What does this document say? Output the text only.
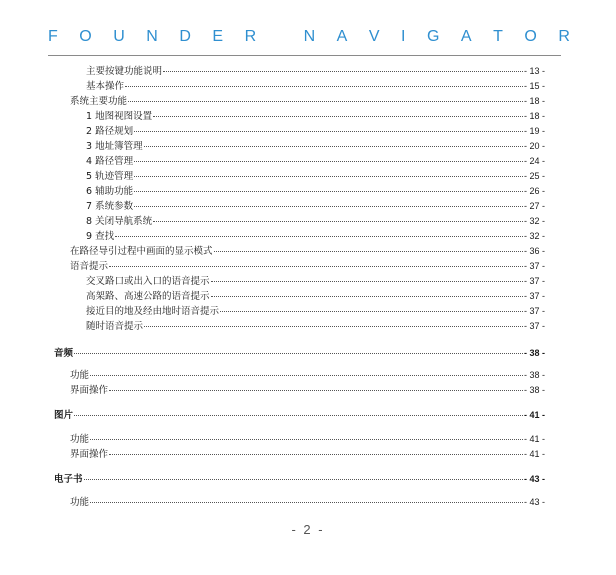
F O U N D E R
	N A V I G A T O R
主要按键功能说明	- 13 -
基本操作	- 15 -
系统主要功能	- 18 -
1 地图视图设置	- 18 -
2 路径规划	- 19 -
3 地址簿管理	- 20 -
4 路径管理	- 24 -
5 轨迹管理	- 25 -
6 辅助功能	- 26 -
7 系统参数	- 27 -
8 关闭导航系统	- 32 -
9 查找	- 32 -
在路径导引过程中画面的显示模式	- 36 -
语音提示	- 37 -
交叉路口或出入口的语音提示	- 37 -
高架路、高速公路的语音提示	- 37 -
接近目的地及经由地时语音提示	- 37 -
随时语音提示	- 37 -
音频	- 38 -
功能	- 38 -
界面操作	- 38 -
图片	- 41 -
功能	- 41 -
界面操作	- 41 -
电子书	- 43 -
功能	- 43 -
- 2 -
